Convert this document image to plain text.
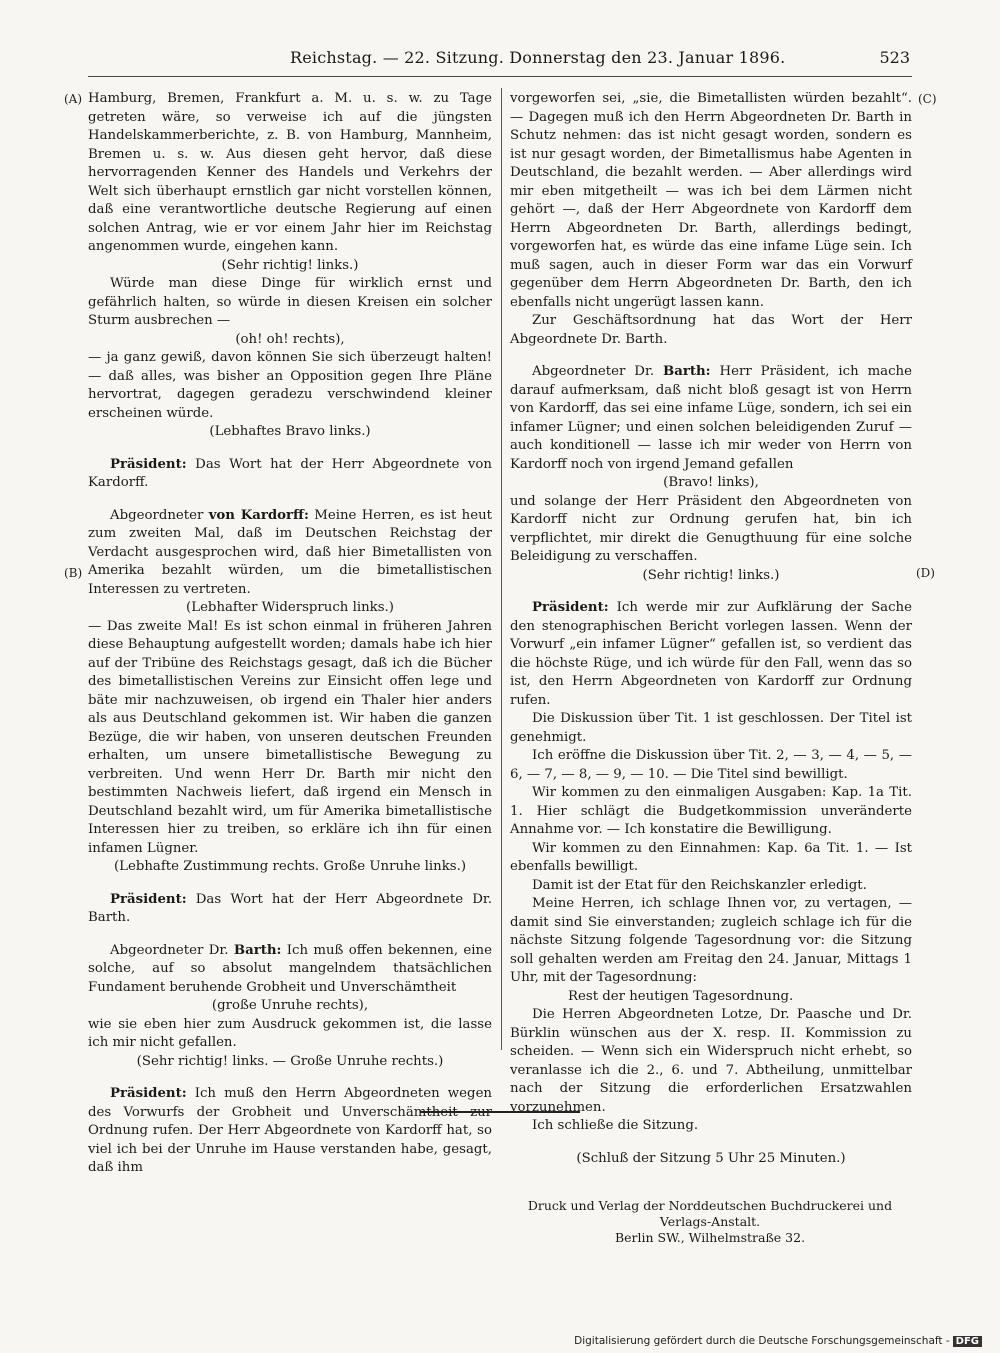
Reichstag. — 22. Sitzung. Donnerstag den 23. Januar 1896.	523
(A)
(B)
(C)
(D)

Hamburg, Bremen, Frankfurt a. M. u. s. w. zu Tage getreten wäre, so verweise ich auf die jüngsten Handelskammerberichte, z. B. von Hamburg, Mannheim, Bremen u. s. w. Aus diesen geht hervor, daß diese hervorragenden Kenner des Handels und Verkehrs der Welt sich überhaupt ernstlich gar nicht vorstellen können, daß eine verantwortliche deutsche Regierung auf einen solchen Antrag, wie er vor einem Jahr hier im Reichstag angenommen wurde, eingehen kann.

(Sehr richtig! links.)

Würde man diese Dinge für wirklich ernst und gefährlich halten, so würde in diesen Kreisen ein solcher Sturm ausbrechen —

(oh! oh! rechts),

— ja ganz gewiß, davon können Sie sich überzeugt halten! — daß alles, was bisher an Opposition gegen Ihre Pläne hervortrat, dagegen geradezu verschwindend kleiner erscheinen würde.

(Lebhaftes Bravo links.)

Präsident: Das Wort hat der Herr Abgeordnete von Kardorff.

Abgeordneter von Kardorff: Meine Herren, es ist heut zum zweiten Mal, daß im Deutschen Reichstag der Verdacht ausgesprochen wird, daß hier Bimetallisten von Amerika bezahlt würden, um die bimetallistischen Interessen zu vertreten.

(Lebhafter Widerspruch links.)

— Das zweite Mal! Es ist schon einmal in früheren Jahren diese Behauptung aufgestellt worden; damals habe ich hier auf der Tribüne des Reichstags gesagt, daß ich die Bücher des bimetallistischen Vereins zur Einsicht offen lege und bäte mir nachzuweisen, ob irgend ein Thaler hier anders als aus Deutschland gekommen ist. Wir haben die ganzen Bezüge, die wir haben, von unseren deutschen Freunden erhalten, um unsere bimetallistische Bewegung zu verbreiten. Und wenn Herr Dr. Barth mir nicht den bestimmten Nachweis liefert, daß irgend ein Mensch in Deutschland bezahlt wird, um für Amerika bimetallistische Interessen hier zu treiben, so erkläre ich ihn für einen infamen Lügner.

(Lebhafte Zustimmung rechts. Große Unruhe links.)

Präsident: Das Wort hat der Herr Abgeordnete Dr. Barth.

Abgeordneter Dr. Barth: Ich muß offen bekennen, eine solche, auf so absolut mangelndem thatsächlichen Fundament beruhende Grobheit und Unverschämtheit

(große Unruhe rechts),

wie sie eben hier zum Ausdruck gekommen ist, die lasse ich mir nicht gefallen.

(Sehr richtig! links. — Große Unruhe rechts.)

Präsident: Ich muß den Herrn Abgeordneten wegen des Vorwurfs der Grobheit und Unverschämtheit zur Ordnung rufen. Der Herr Abgeordnete von Kardorff hat, so viel ich bei der Unruhe im Hause verstanden habe, gesagt, daß ihm

vorgeworfen sei, „sie, die Bimetallisten würden bezahlt“. — Dagegen muß ich den Herrn Abgeordneten Dr. Barth in Schutz nehmen: das ist nicht gesagt worden, sondern es ist nur gesagt worden, der Bimetallismus habe Agenten in Deutschland, die bezahlt werden. — Aber allerdings wird mir eben mitgetheilt — was ich bei dem Lärmen nicht gehört —, daß der Herr Abgeordnete von Kardorff dem Herrn Abgeordneten Dr. Barth, allerdings bedingt, vorgeworfen hat, es würde das eine infame Lüge sein. Ich muß sagen, auch in dieser Form war das ein Vorwurf gegenüber dem Herrn Abgeordneten Dr. Barth, den ich ebenfalls nicht ungerügt lassen kann.

Zur Geschäftsordnung hat das Wort der Herr Abgeordnete Dr. Barth.

Abgeordneter Dr. Barth: Herr Präsident, ich mache darauf aufmerksam, daß nicht bloß gesagt ist von Herrn von Kardorff, das sei eine infame Lüge, sondern, ich sei ein infamer Lügner; und einen solchen beleidigenden Zuruf — auch konditionell — lasse ich mir weder von Herrn von Kardorff noch von irgend Jemand gefallen

(Bravo! links),

und solange der Herr Präsident den Abgeordneten von Kardorff nicht zur Ordnung gerufen hat, bin ich verpflichtet, mir direkt die Genugthuung für eine solche Beleidigung zu verschaffen.

(Sehr richtig! links.)

Präsident: Ich werde mir zur Aufklärung der Sache den stenographischen Bericht vorlegen lassen. Wenn der Vorwurf „ein infamer Lügner“ gefallen ist, so verdient das die höchste Rüge, und ich würde für den Fall, wenn das so ist, den Herrn Abgeordneten von Kardorff zur Ordnung rufen.

Die Diskussion über Tit. 1 ist geschlossen. Der Titel ist genehmigt.

Ich eröffne die Diskussion über Tit. 2, — 3, — 4, — 5, — 6, — 7, — 8, — 9, — 10. — Die Titel sind bewilligt.

Wir kommen zu den einmaligen Ausgaben: Kap. 1a Tit. 1. Hier schlägt die Budgetkommission unveränderte Annahme vor. — Ich konstatire die Bewilligung.

Wir kommen zu den Einnahmen: Kap. 6a Tit. 1. — Ist ebenfalls bewilligt.

Damit ist der Etat für den Reichskanzler erledigt.

Meine Herren, ich schlage Ihnen vor, zu vertagen, — damit sind Sie einverstanden; zugleich schlage ich für die nächste Sitzung folgende Tagesordnung vor: die Sitzung soll gehalten werden am Freitag den 24. Januar, Mittags 1 Uhr, mit der Tagesordnung:

Rest der heutigen Tagesordnung.

Die Herren Abgeordneten Lotze, Dr. Paasche und Dr. Bürklin wünschen aus der X. resp. II. Kommission zu scheiden. — Wenn sich ein Widerspruch nicht erhebt, so veranlasse ich die 2., 6. und 7. Abtheilung, unmittelbar nach der Sitzung die erforderlichen Ersatzwahlen vorzunehmen.

Ich schließe die Sitzung.

(Schluß der Sitzung 5 Uhr 25 Minuten.)

Druck und Verlag der Norddeutschen Buchdruckerei und Verlags-Anstalt.
Berlin SW., Wilhelmstraße 32.
Digitalisierung gefördert durch die Deutsche Forschungsgemeinschaft - DFG
